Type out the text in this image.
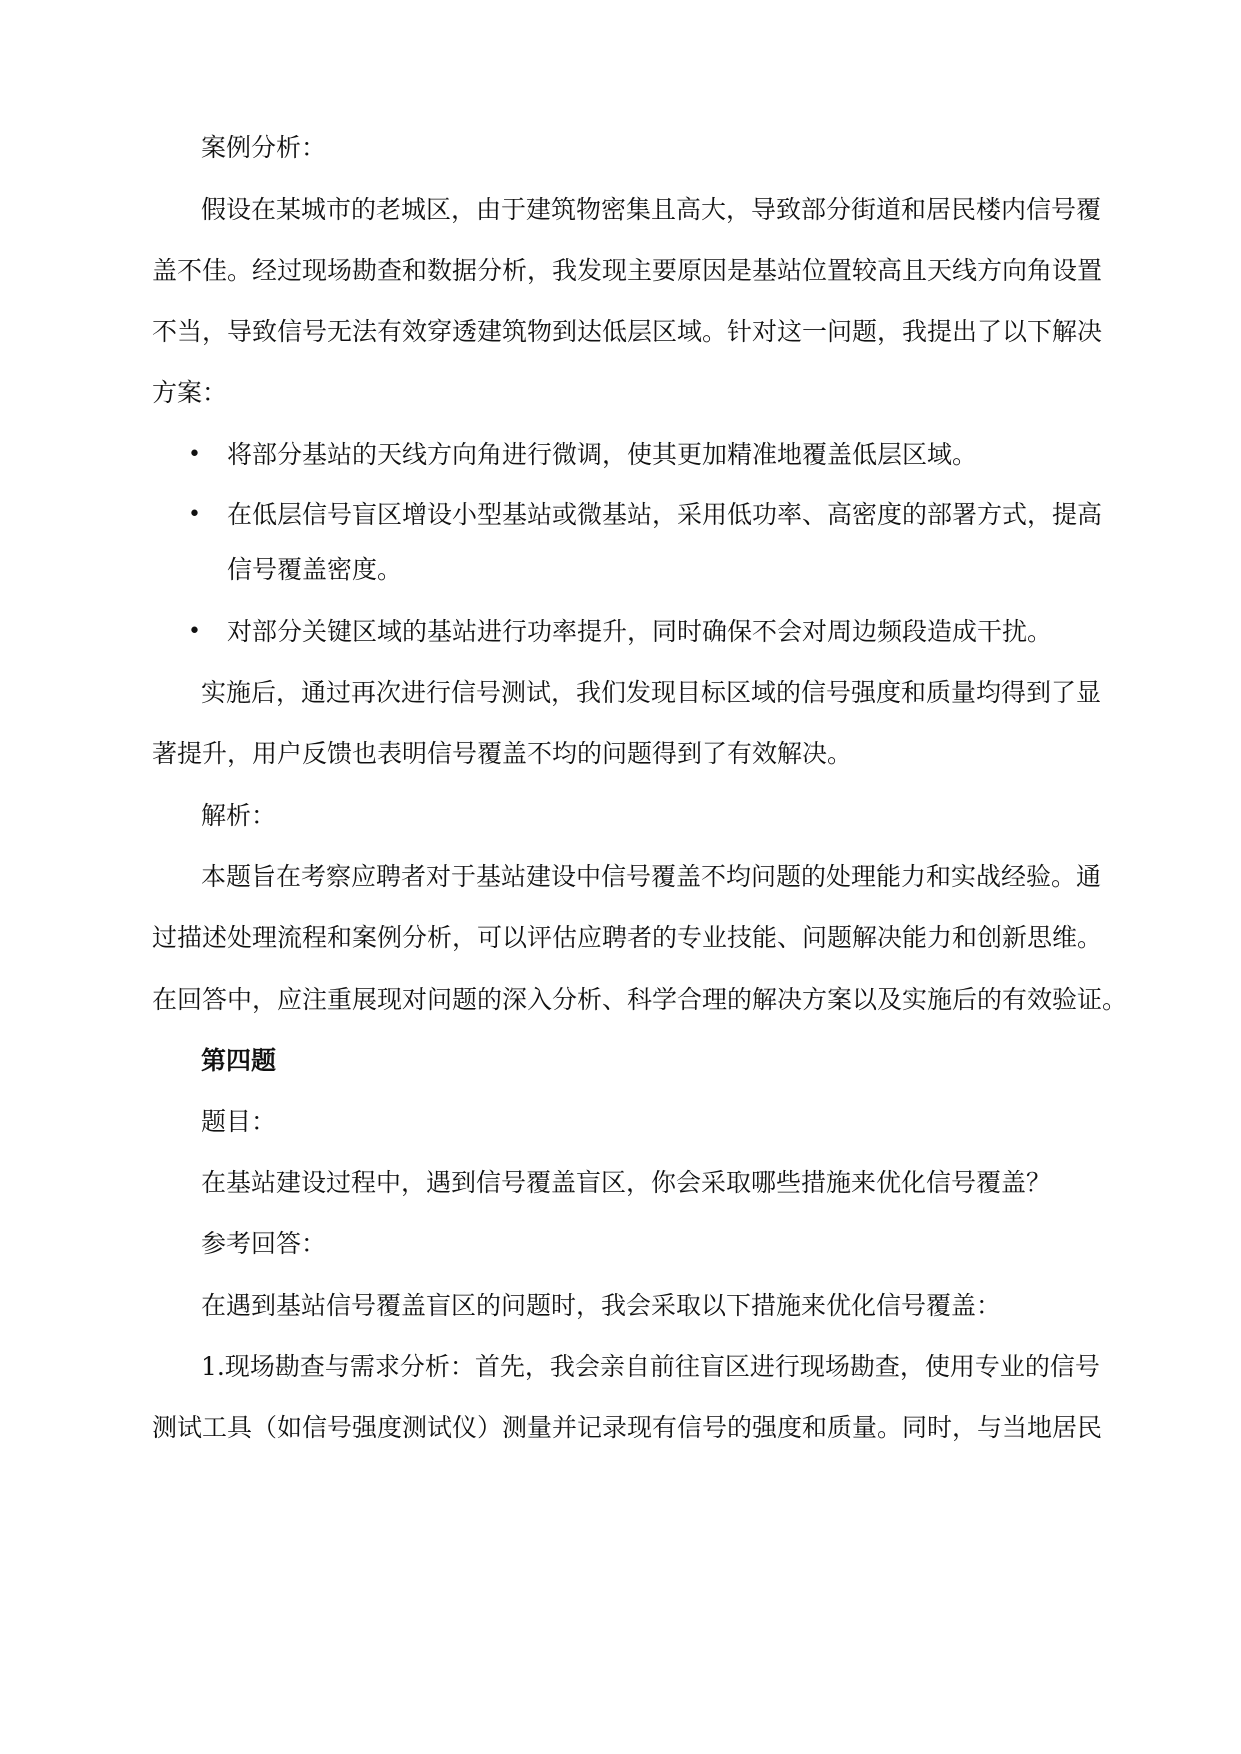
案例分析：
假设在某城市的老城区，由于建筑物密集且高大，导致部分街道和居民楼内信号覆
盖不佳。经过现场勘查和数据分析，我发现主要原因是基站位置较高且天线方向角设置
不当，导致信号无法有效穿透建筑物到达低层区域。针对这一问题，我提出了以下解决
方案：
• 将部分基站的天线方向角进行微调，使其更加精准地覆盖低层区域。
• 在低层信号盲区增设小型基站或微基站，采用低功率、高密度的部署方式，提高
信号覆盖密度。
• 对部分关键区域的基站进行功率提升，同时确保不会对周边频段造成干扰。
实施后，通过再次进行信号测试，我们发现目标区域的信号强度和质量均得到了显
著提升，用户反馈也表明信号覆盖不均的问题得到了有效解决。
解析：
本题旨在考察应聘者对于基站建设中信号覆盖不均问题的处理能力和实战经验。通
过描述处理流程和案例分析，可以评估应聘者的专业技能、问题解决能力和创新思维。
在回答中，应注重展现对问题的深入分析、科学合理的解决方案以及实施后的有效验证。
第四题
题目：
在基站建设过程中，遇到信号覆盖盲区，你会采取哪些措施来优化信号覆盖？
参考回答：
在遇到基站信号覆盖盲区的问题时，我会采取以下措施来优化信号覆盖：
1.现场勘查与需求分析：首先，我会亲自前往盲区进行现场勘查，使用专业的信号
测试工具（如信号强度测试仪）测量并记录现有信号的强度和质量。同时，与当地居民
